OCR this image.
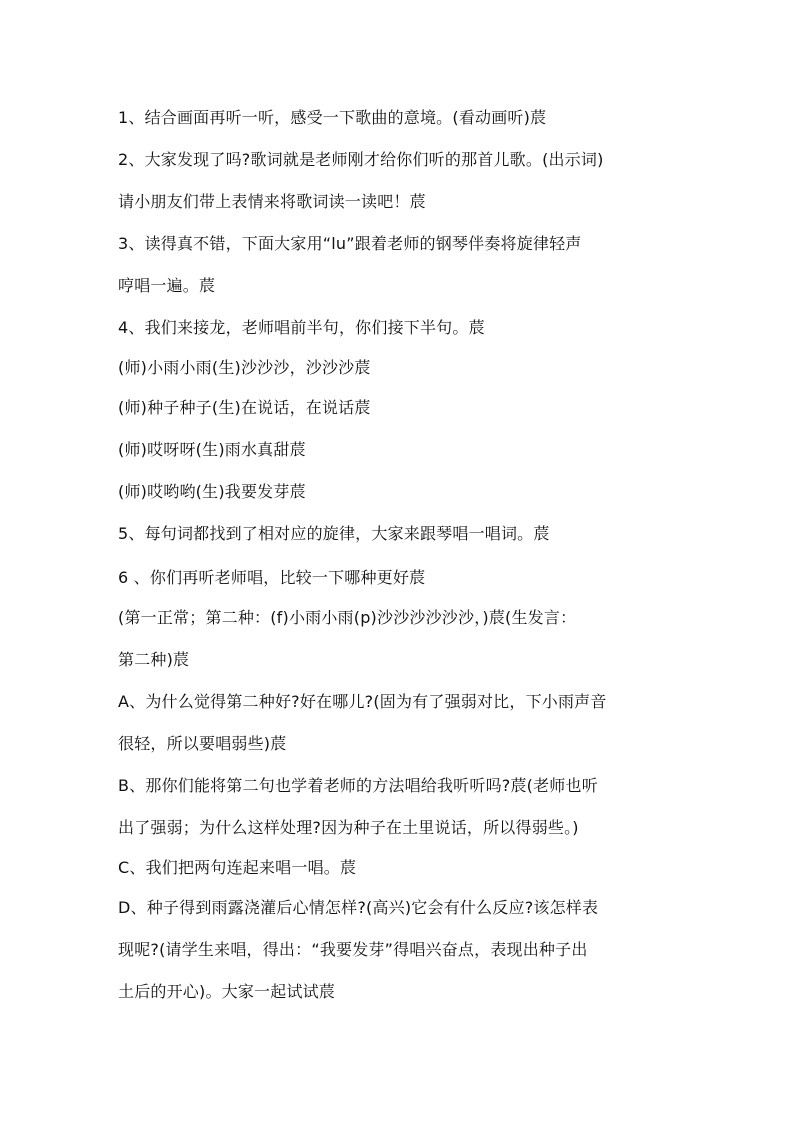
1、结合画面再听一听，感受一下歌曲的意境。(看动画听)莀
2、大家发现了吗?歌词就是老师刚才给你们听的那首儿歌。(出示词)
请小朋友们带上表情来将歌词读一读吧！莀
3、读得真不错，下面大家用“lu”跟着老师的钢琴伴奏将旋律轻声
哼唱一遍。莀
4、我们来接龙，老师唱前半句，你们接下半句。莀
(师)小雨小雨(生)沙沙沙，沙沙沙莀
(师)种子种子(生)在说话，在说话莀
(师)哎呀呀(生)雨水真甜莀
(师)哎哟哟(生)我要发芽莀
5、每句词都找到了相对应的旋律，大家来跟琴唱一唱词。莀
6 、你们再听老师唱，比较一下哪种更好莀
(第一正常；第二种：(f)小雨小雨(p)沙沙沙沙沙沙，)莀(生发言：
第二种)莀
A、为什么觉得第二种好?好在哪儿?(固为有了强弱对比，下小雨声音
很轻，所以要唱弱些)莀
B、那你们能将第二句也学着老师的方法唱给我听听吗?莀(老师也听
出了强弱；为什么这样处理?因为种子在土里说话，所以得弱些。)
C、我们把两句连起来唱一唱。莀
D、种子得到雨露浇灌后心情怎样?(高兴)它会有什么反应?该怎样表
现呢?(请学生来唱，得出：“我要发芽”得唱兴奋点，表现出种子出
土后的开心)。大家一起试试莀
